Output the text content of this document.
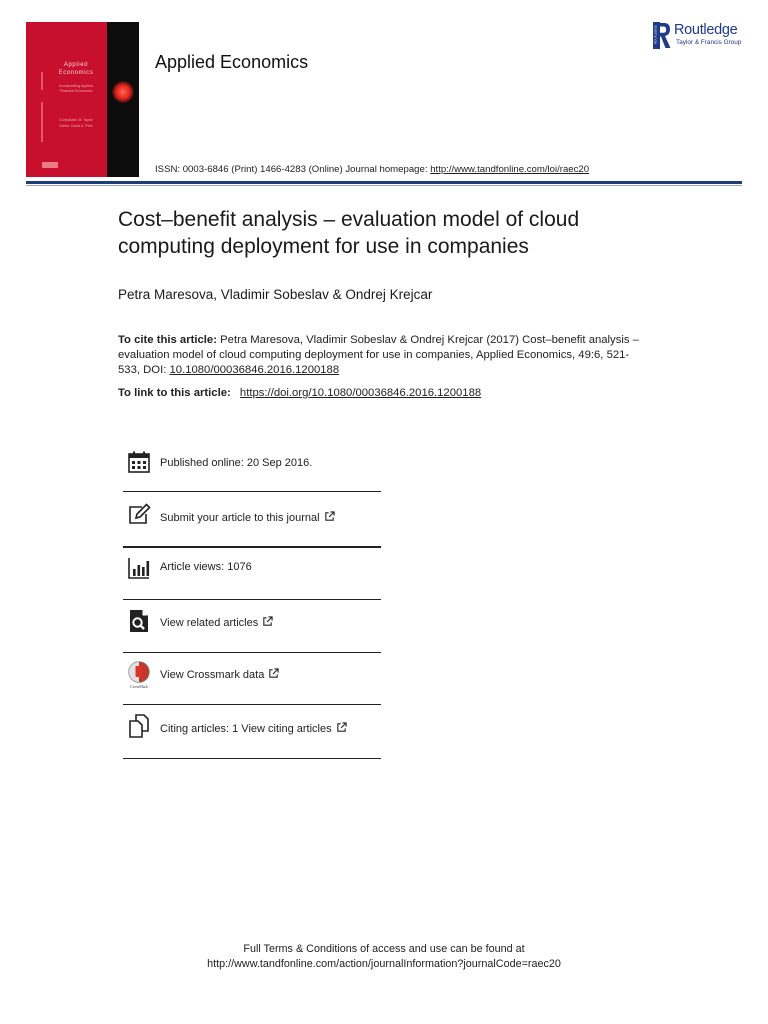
Applied
Economics
Incorporating Applied
Financial Economics
Consultant: M. Taylor
Editor: David A. Peel
Applied Economics
ISSN: 0003-6846 (Print) 1466-4283 (Online) Journal homepage: http://www.tandfonline.com/loi/raec20
ROUTLEDGE Routledge
Taylor & Francis Group
Cost–benefit analysis – evaluation model of cloud computing deployment for use in companies
Petra Maresova, Vladimir Sobeslav & Ondrej Krejcar
To cite this article: Petra Maresova, Vladimir Sobeslav & Ondrej Krejcar (2017) Cost–benefit analysis – evaluation model of cloud computing deployment for use in companies, Applied Economics, 49:6, 521-533, DOI: 10.1080/00036846.2016.1200188
To link to this article: https://doi.org/10.1080/00036846.2016.1200188
Published online: 20 Sep 2016.
Submit your article to this journal
Article views: 1076
View related articles
CrossMark
View Crossmark data
Citing articles: 1 View citing articles
Full Terms & Conditions of access and use can be found at
http://www.tandfonline.com/action/journalInformation?journalCode=raec20
